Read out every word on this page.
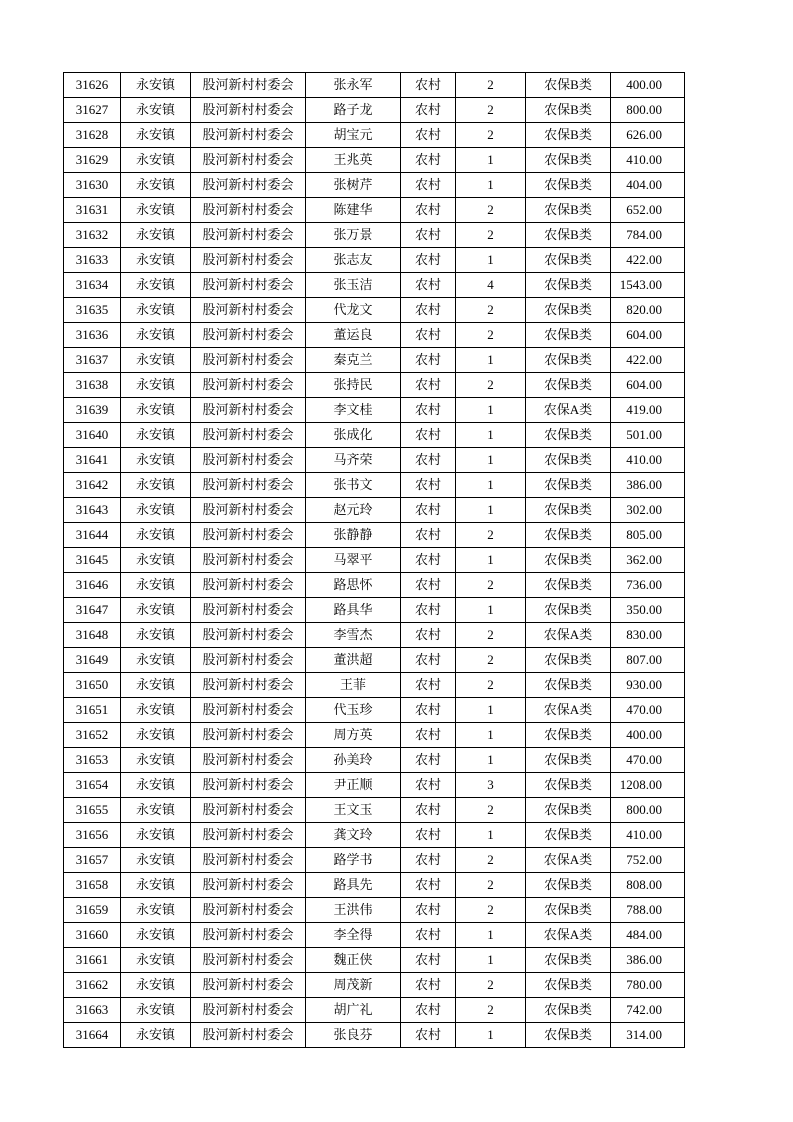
31626	永安镇	股河新村村委会	张永军	农村	2	农保B类	400.00
31627	永安镇	股河新村村委会	路子龙	农村	2	农保B类	800.00
31628	永安镇	股河新村村委会	胡宝元	农村	2	农保B类	626.00
31629	永安镇	股河新村村委会	王兆英	农村	1	农保B类	410.00
31630	永安镇	股河新村村委会	张树芹	农村	1	农保B类	404.00
31631	永安镇	股河新村村委会	陈建华	农村	2	农保B类	652.00
31632	永安镇	股河新村村委会	张万景	农村	2	农保B类	784.00
31633	永安镇	股河新村村委会	张志友	农村	1	农保B类	422.00
31634	永安镇	股河新村村委会	张玉洁	农村	4	农保B类	1543.00
31635	永安镇	股河新村村委会	代龙文	农村	2	农保B类	820.00
31636	永安镇	股河新村村委会	董运良	农村	2	农保B类	604.00
31637	永安镇	股河新村村委会	秦克兰	农村	1	农保B类	422.00
31638	永安镇	股河新村村委会	张持民	农村	2	农保B类	604.00
31639	永安镇	股河新村村委会	李文桂	农村	1	农保A类	419.00
31640	永安镇	股河新村村委会	张成化	农村	1	农保B类	501.00
31641	永安镇	股河新村村委会	马齐荣	农村	1	农保B类	410.00
31642	永安镇	股河新村村委会	张书文	农村	1	农保B类	386.00
31643	永安镇	股河新村村委会	赵元玲	农村	1	农保B类	302.00
31644	永安镇	股河新村村委会	张静静	农村	2	农保B类	805.00
31645	永安镇	股河新村村委会	马翠平	农村	1	农保B类	362.00
31646	永安镇	股河新村村委会	路思怀	农村	2	农保B类	736.00
31647	永安镇	股河新村村委会	路具华	农村	1	农保B类	350.00
31648	永安镇	股河新村村委会	李雪杰	农村	2	农保A类	830.00
31649	永安镇	股河新村村委会	董洪超	农村	2	农保B类	807.00
31650	永安镇	股河新村村委会	王菲	农村	2	农保B类	930.00
31651	永安镇	股河新村村委会	代玉珍	农村	1	农保A类	470.00
31652	永安镇	股河新村村委会	周方英	农村	1	农保B类	400.00
31653	永安镇	股河新村村委会	孙美玲	农村	1	农保B类	470.00
31654	永安镇	股河新村村委会	尹正顺	农村	3	农保B类	1208.00
31655	永安镇	股河新村村委会	王文玉	农村	2	农保B类	800.00
31656	永安镇	股河新村村委会	龚文玲	农村	1	农保B类	410.00
31657	永安镇	股河新村村委会	路学书	农村	2	农保A类	752.00
31658	永安镇	股河新村村委会	路具先	农村	2	农保B类	808.00
31659	永安镇	股河新村村委会	王洪伟	农村	2	农保B类	788.00
31660	永安镇	股河新村村委会	李全得	农村	1	农保A类	484.00
31661	永安镇	股河新村村委会	魏正侠	农村	1	农保B类	386.00
31662	永安镇	股河新村村委会	周茂新	农村	2	农保B类	780.00
31663	永安镇	股河新村村委会	胡广礼	农村	2	农保B类	742.00
31664	永安镇	股河新村村委会	张良芬	农村	1	农保B类	314.00
